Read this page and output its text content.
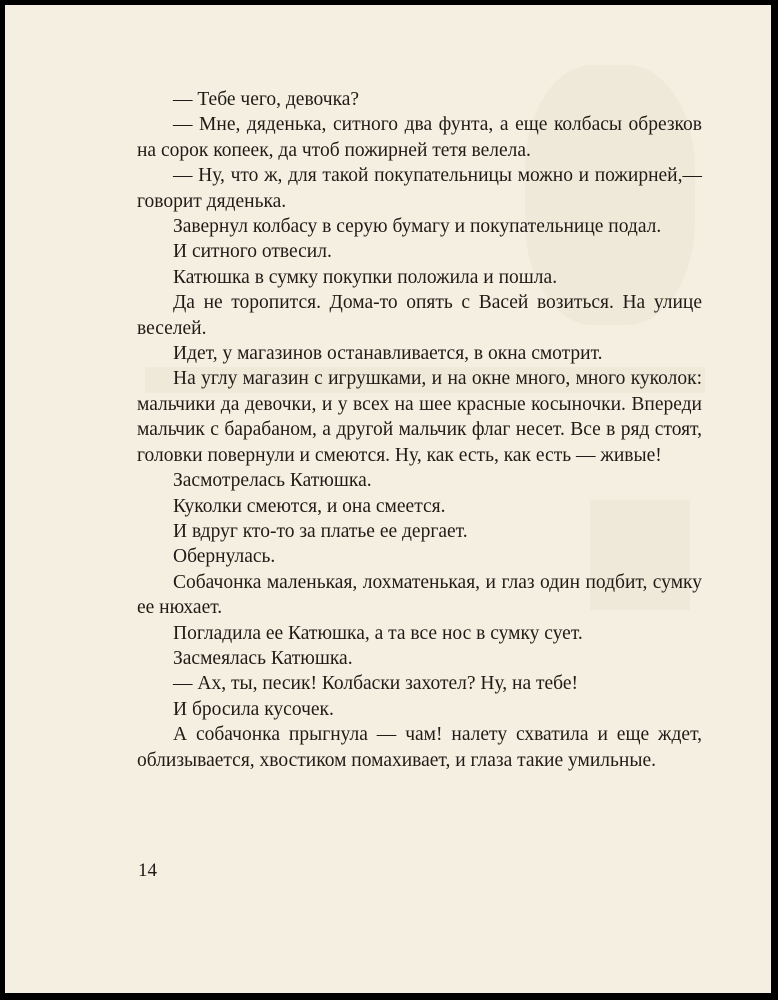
— Тебе чего, девочка?

— Мне, дяденька, ситного два фунта, а еще колбасы обрезков на сорок копеек, да чтоб пожирней тетя велела.

— Ну, что ж, для такой покупательницы можно и пожирней,— говорит дяденька.

Завернул колбасу в серую бумагу и покупательнице подал.

И ситного отвесил.

Катюшка в сумку покупки положила и пошла.

Да не торопится. Дома-то опять с Васей возиться. На улице веселей.

Идет, у магазинов останавливается, в окна смотрит.

На углу магазин с игрушками, и на окне много, много куколок: мальчики да девочки, и у всех на шее красные косыночки. Впереди мальчик с барабаном, а другой мальчик флаг несет. Все в ряд стоят, головки повернули и смеются. Ну, как есть, как есть — живые!

Засмотрелась Катюшка.

Куколки смеются, и она смеется.

И вдруг кто-то за платье ее дергает.

Обернулась.

Собачонка маленькая, лохматенькая, и глаз один подбит, сумку ее нюхает.

Погладила ее Катюшка, а та все нос в сумку сует.

Засмеялась Катюшка.

— Ах, ты, песик! Колбаски захотел? Ну, на тебе!

И бросила кусочек.

А собачонка прыгнула — чам! налету схватила и еще ждет, облизывается, хвостиком помахивает, и глаза такие умильные.

14
